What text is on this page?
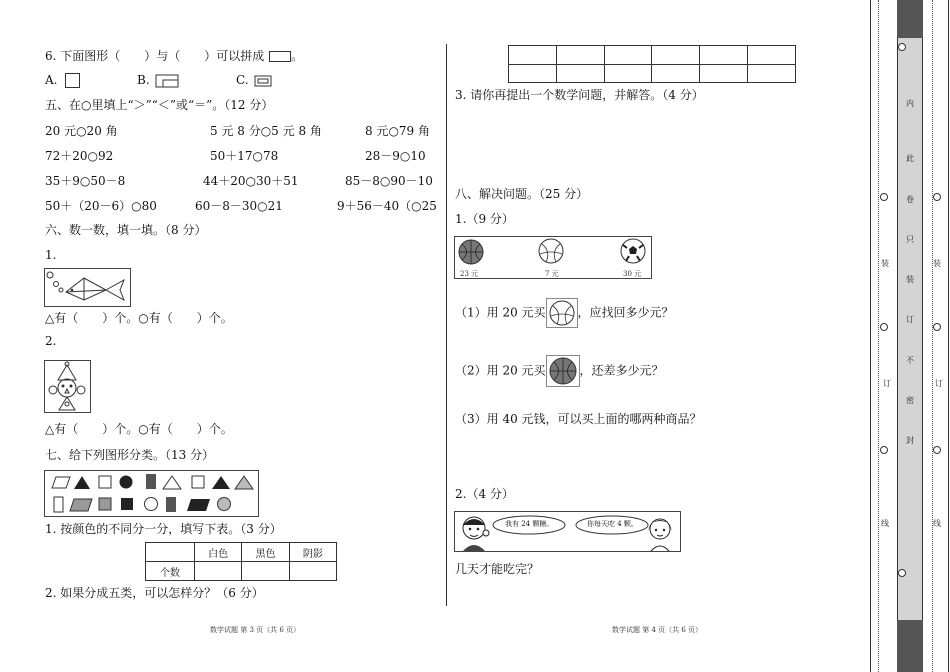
6. 下面图形（　　）与（　　）可以拼成 。
A.	B.	C.
五、在○里填上“＞”“＜”或“＝”。（12 分）
20 元○20 角	5 元 8 分○5 元 8 角	8 元○79 角
72＋20○92	50＋17○78	28－9○10
35＋9○50－8	44＋20○30＋51	85－8○90－10
50＋（20－6）○80	60－8－30○21	9＋56－40（○25
六、数一数，填一填。（8 分）
1.
△有（　　）个。○有（　　）个。
2.
△有（　　）个。○有（　　）个。
七、给下列图形分类。（13 分）
1. 按颜色的不同分一分，填写下表。（3 分）
	白色	黑色	阴影
个数			
2. 如果分成五类，可以怎样分？（6 分）
数学试题 第 3 页（共 6 页）

3. 请你再提出一个数学问题，并解答。（4 分）
八、解决问题。（25 分）
1.（9 分）
23 元	7 元	30 元
（1）用 20 元买	，应找回多少元？
（2）用 20 元买	，还差多少元？
（3）用 40 元钱，可以买上面的哪两种商品？
2.（4 分）
我有 24 颗糖。	你每天吃 4 颗。
几天才能吃完？
数学试题 第 4 页（共 6 页）
内
此
卷
只
装
订
不
密
封
装
订
线
装
订
线
